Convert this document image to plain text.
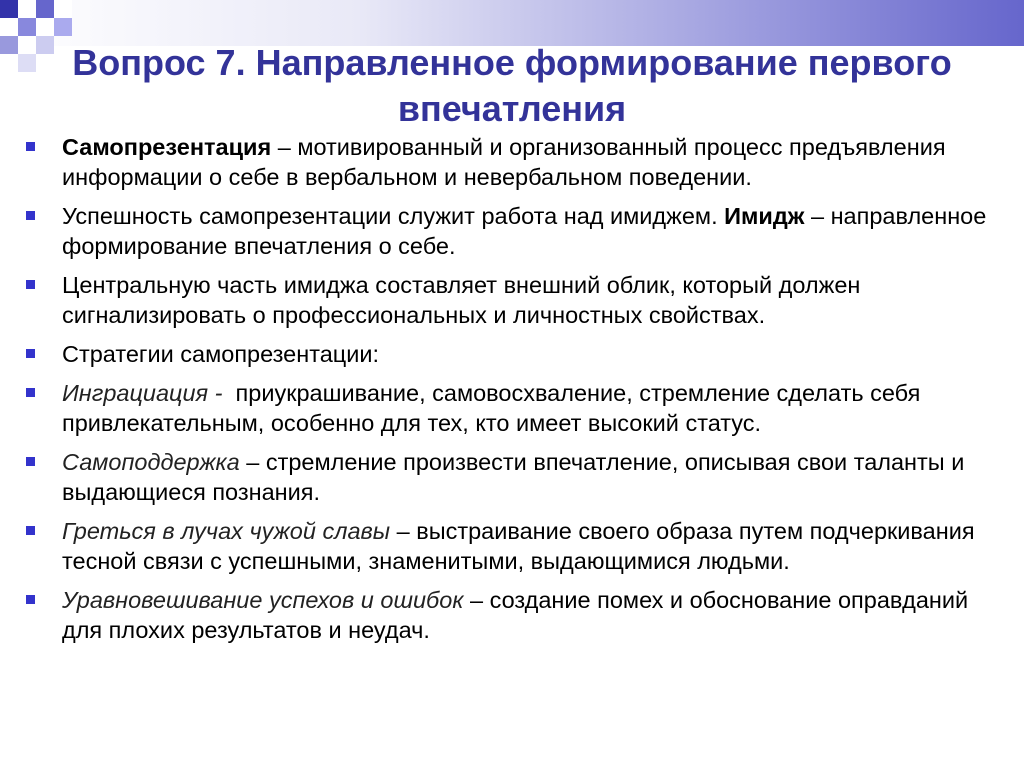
Вопрос 7. Направленное формирование первого
впечатления
Самопрезентация – мотивированный и организованный процесс предъявления информации о себе в вербальном и невербальном поведении.
Успешность самопрезентации служит работа над имиджем. Имидж – направленное формирование впечатления о себе.
Центральную часть имиджа составляет внешний облик, который должен сигнализировать о профессиональных и личностных свойствах.
Стратегии самопрезентации:
Ингрaциация -  приукрашивание, самовосхваление, стремление сделать себя привлекательным, особенно для тех, кто имеет высокий статус.
Самоподдержка – стремление произвести впечатление, описывая свои таланты и выдающиеся познания.
Греться в лучах чужой славы – выстраивание своего образа путем подчеркивания тесной связи с успешными, знаменитыми, выдающимися людьми.
Уравновешивание успехов и ошибок – создание помех и обоснование оправданий для плохих результатов и неудач.
